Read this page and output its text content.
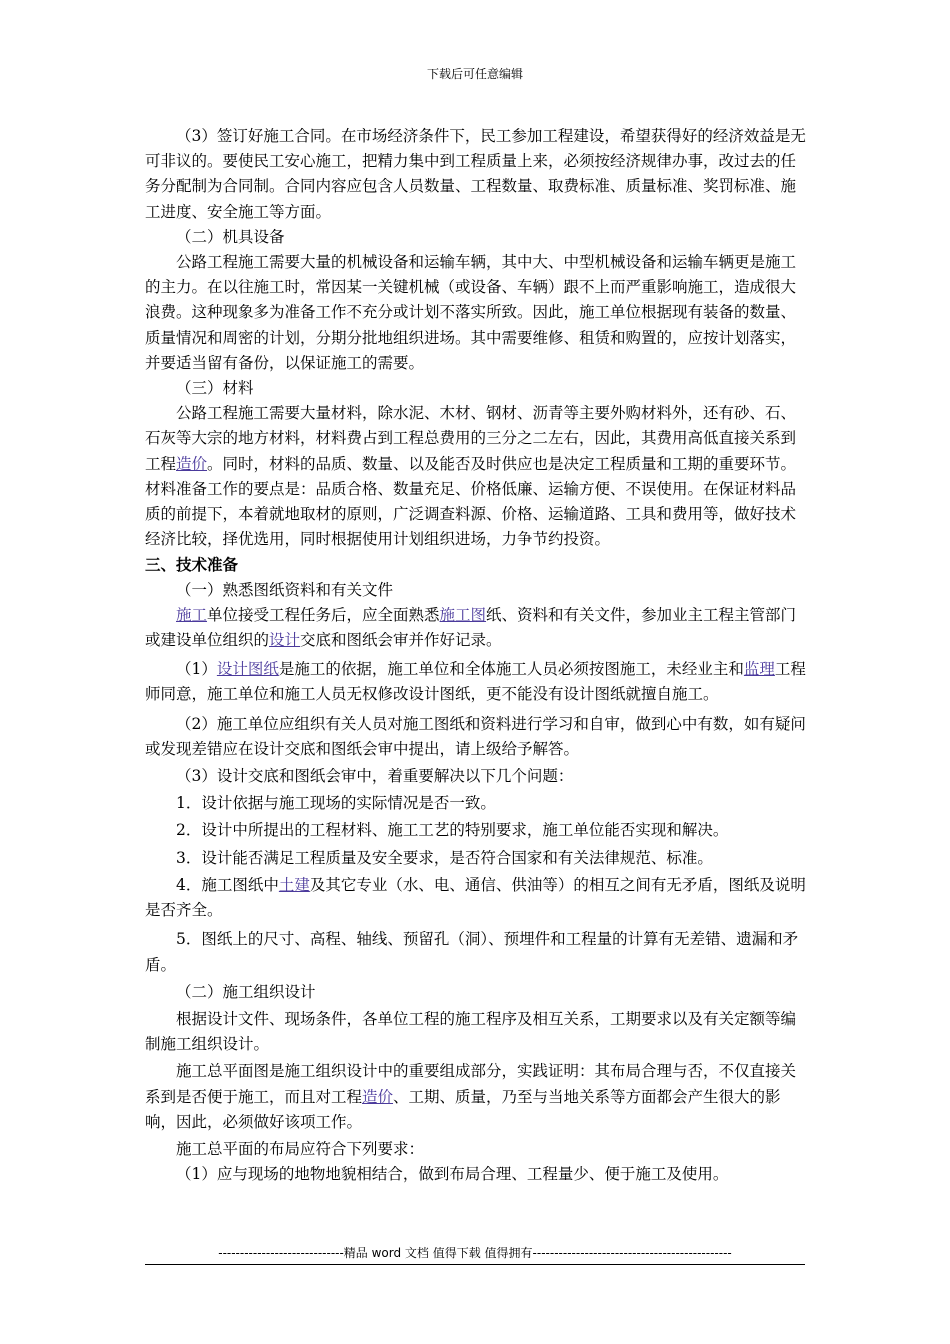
下载后可任意编辑

（3）签订好施工合同。在市场经济条件下，民工参加工程建设，希望获得好的经济效益是无可非议的。要使民工安心施工，把精力集中到工程质量上来，必须按经济规律办事，改过去的任务分配制为合同制。合同内容应包含人员数量、工程数量、取费标准、质量标准、奖罚标准、施工进度、安全施工等方面。

（二）机具设备

公路工程施工需要大量的机械设备和运输车辆，其中大、中型机械设备和运输车辆更是施工的主力。在以往施工时，常因某一关键机械（或设备、车辆）跟不上而严重影响施工，造成很大浪费。这种现象多为准备工作不充分或计划不落实所致。因此，施工单位根据现有装备的数量、质量情况和周密的计划，分期分批地组织进场。其中需要维修、租赁和购置的，应按计划落实，并要适当留有备份，以保证施工的需要。

（三）材料

公路工程施工需要大量材料，除水泥、木材、钢材、沥青等主要外购材料外，还有砂、石、石灰等大宗的地方材料，材料费占到工程总费用的三分之二左右，因此，其费用高低直接关系到工程造价。同时，材料的品质、数量、以及能否及时供应也是决定工程质量和工期的重要环节。材料准备工作的要点是：品质合格、数量充足、价格低廉、运输方便、不误使用。在保证材料品质的前提下，本着就地取材的原则，广泛调查料源、价格、运输道路、工具和费用等，做好技术经济比较，择优选用，同时根据使用计划组织进场，力争节约投资。

三、技术准备

（一）熟悉图纸资料和有关文件

施工单位接受工程任务后，应全面熟悉施工图纸、资料和有关文件，参加业主工程主管部门或建设单位组织的设计交底和图纸会审并作好记录。

（1）设计图纸是施工的依据，施工单位和全体施工人员必须按图施工，未经业主和监理工程师同意，施工单位和施工人员无权修改设计图纸，更不能没有设计图纸就擅自施工。

（2）施工单位应组织有关人员对施工图纸和资料进行学习和自审，做到心中有数，如有疑问或发现差错应在设计交底和图纸会审中提出，请上级给予解答。

（3）设计交底和图纸会审中，着重要解决以下几个问题：

1．设计依据与施工现场的实际情况是否一致。

2．设计中所提出的工程材料、施工工艺的特别要求，施工单位能否实现和解决。

3．设计能否满足工程质量及安全要求，是否符合国家和有关法律规范、标准。

4．施工图纸中土建及其它专业（水、电、通信、供油等）的相互之间有无矛盾，图纸及说明是否齐全。

5．图纸上的尺寸、高程、轴线、预留孔（洞）、预埋件和工程量的计算有无差错、遗漏和矛盾。

（二）施工组织设计

根据设计文件、现场条件，各单位工程的施工程序及相互关系，工期要求以及有关定额等编制施工组织设计。

施工总平面图是施工组织设计中的重要组成部分，实践证明：其布局合理与否，不仅直接关系到是否便于施工，而且对工程造价、工期、质量，乃至与当地关系等方面都会产生很大的影响，因此，必须做好该项工作。

施工总平面的布局应符合下列要求：

（1）应与现场的地物地貌相结合，做到布局合理、工程量少、便于施工及使用。

-----------------------------精品 word 文档 值得下载 值得拥有----------------------------------------------
